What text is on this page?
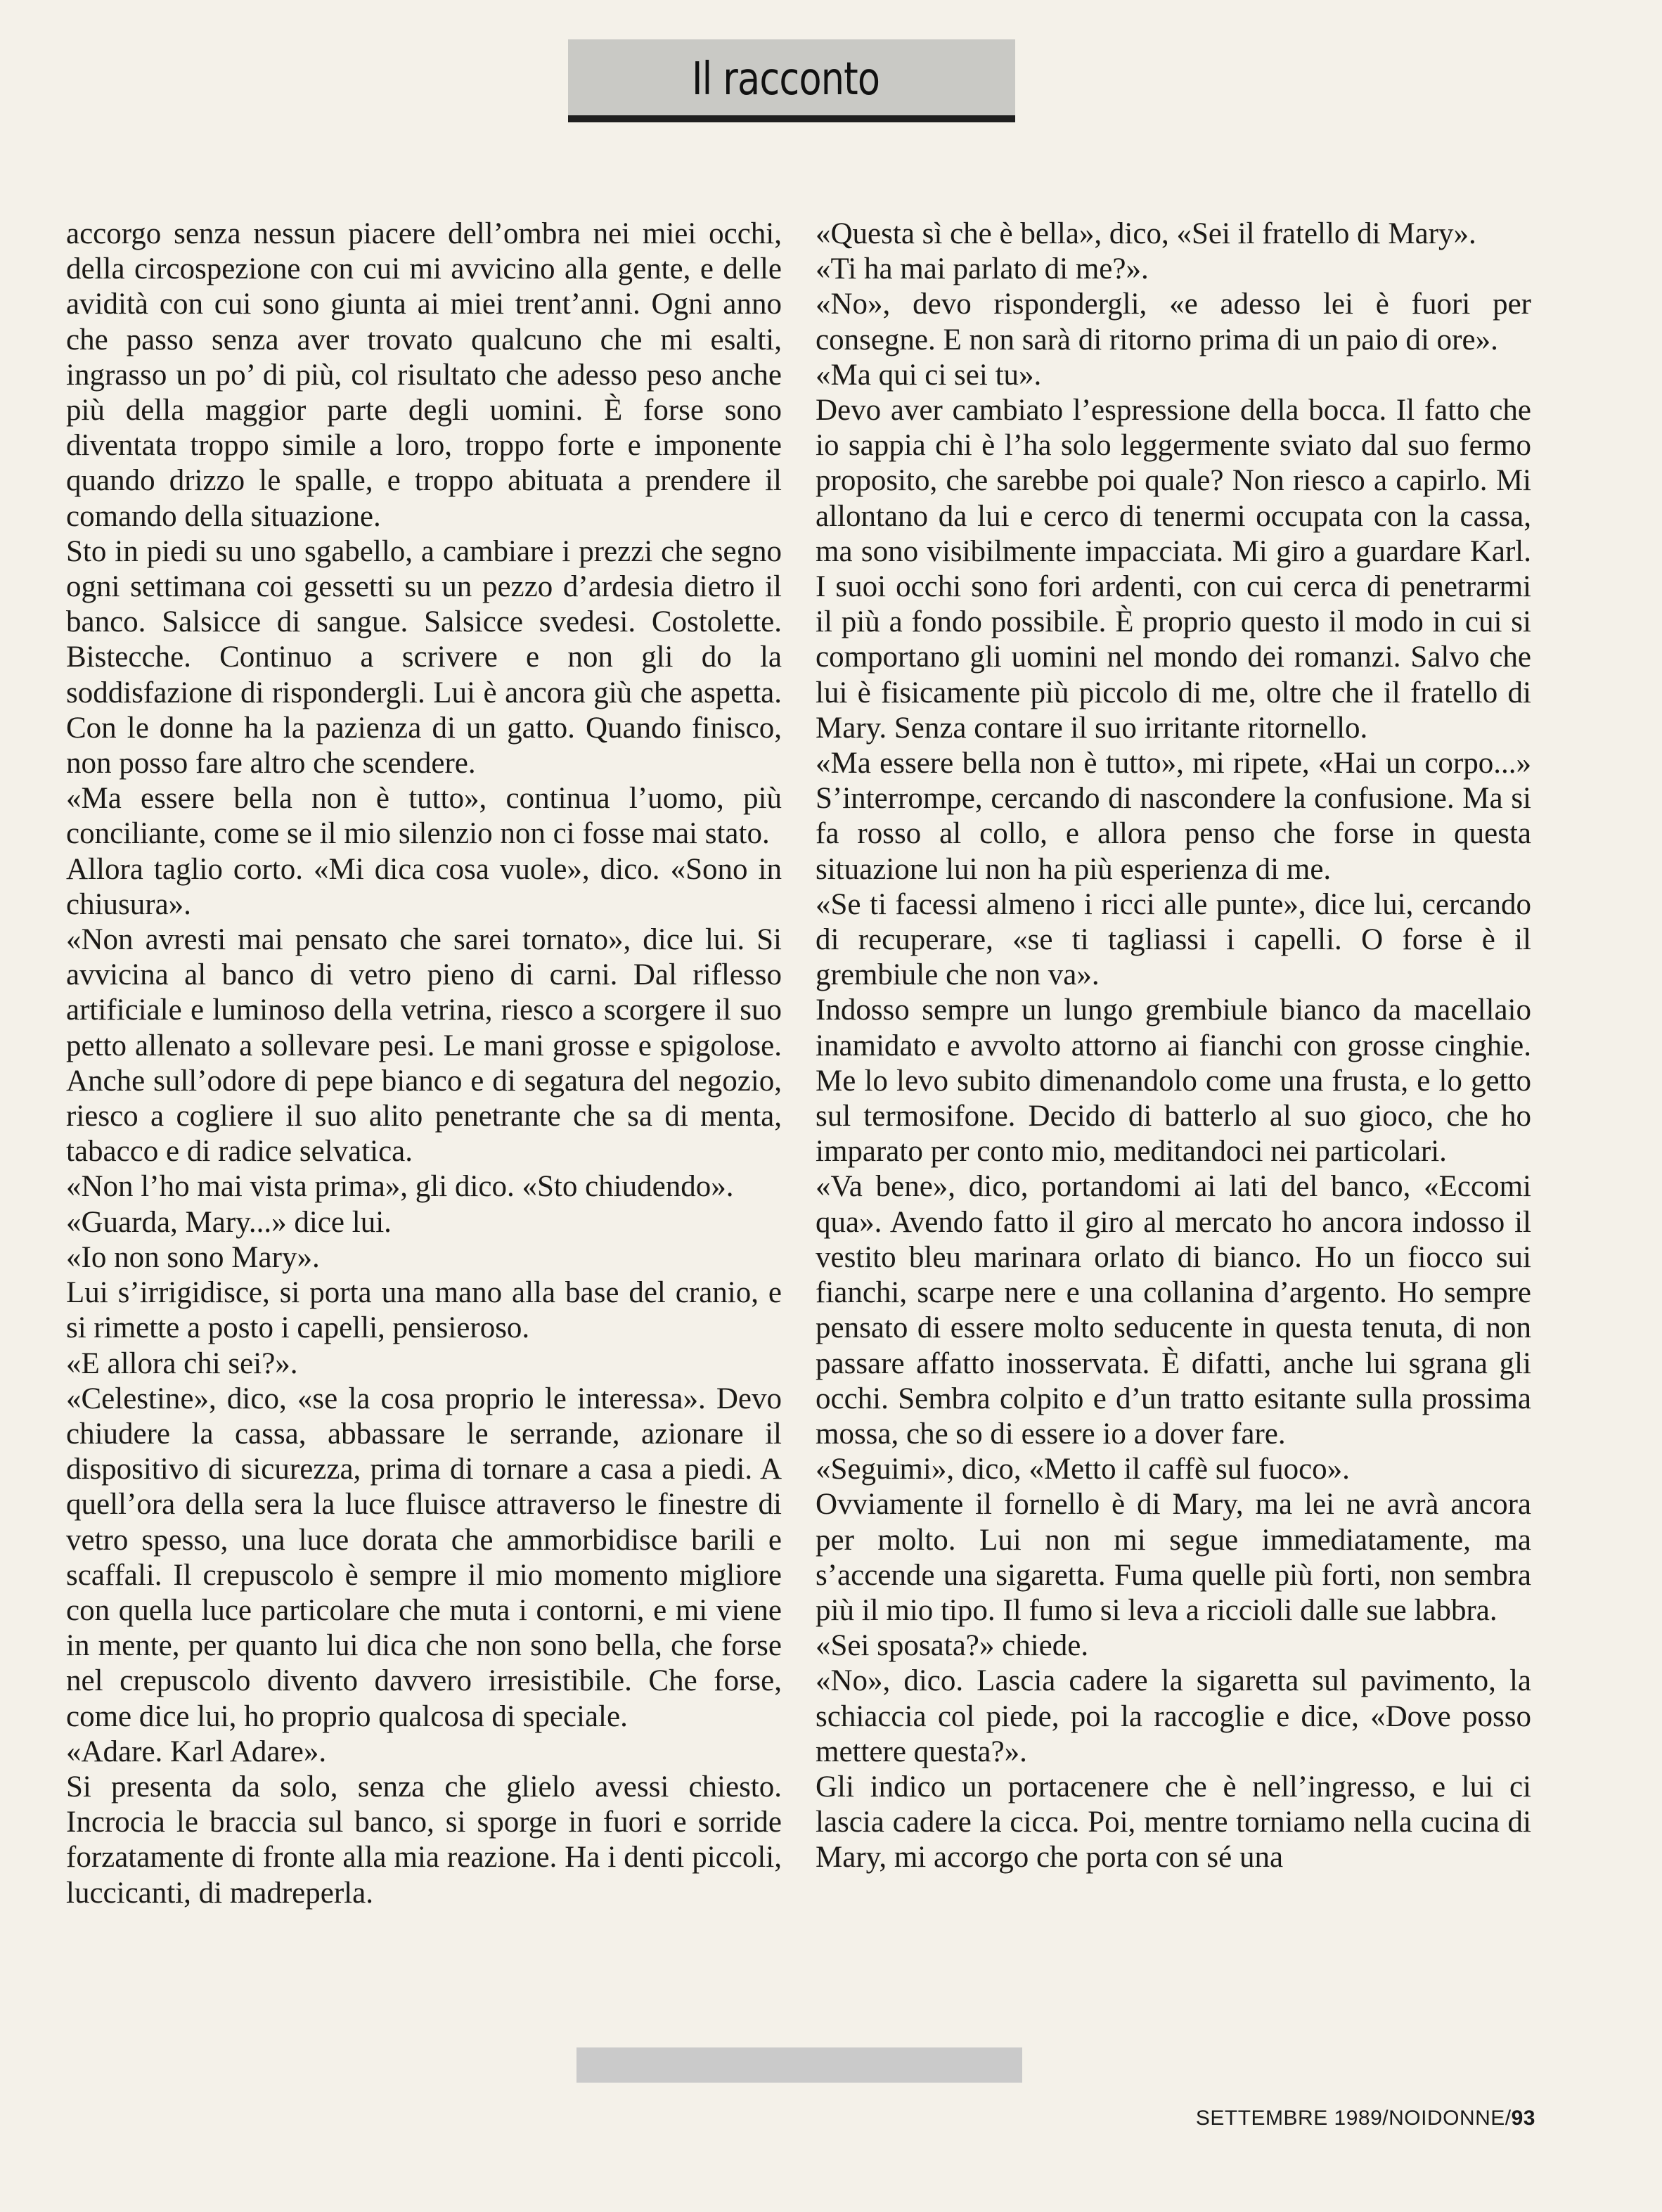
Il racconto

accorgo senza nessun piacere dell’ombra nei miei occhi, della circospezione con cui mi avvicino alla gente, e delle avidità con cui sono giunta ai miei trent’anni. Ogni anno che passo senza aver trovato qualcuno che mi esalti, ingrasso un po’ di più, col risultato che adesso peso anche più della maggior parte degli uomini. È forse sono diventata troppo simile a loro, troppo forte e imponente quando drizzo le spalle, e troppo abituata a prendere il comando della situazione.

Sto in piedi su uno sgabello, a cambiare i prezzi che segno ogni settimana coi gessetti su un pezzo d’ardesia dietro il banco. Salsicce di sangue. Salsicce svedesi. Costolette. Bistecche. Continuo a scrivere e non gli do la soddisfazione di rispondergli. Lui è ancora giù che aspetta. Con le donne ha la pazienza di un gatto. Quando finisco, non posso fare altro che scendere.

«Ma essere bella non è tutto», continua l’uomo, più conciliante, come se il mio silenzio non ci fosse mai stato.

Allora taglio corto. «Mi dica cosa vuole», dico. «Sono in chiusura».

«Non avresti mai pensato che sarei tornato», dice lui. Si avvicina al banco di vetro pieno di carni. Dal riflesso artificiale e luminoso della vetrina, riesco a scorgere il suo petto allenato a sollevare pesi. Le mani grosse e spigolose. Anche sull’odore di pepe bianco e di segatura del negozio, riesco a cogliere il suo alito penetrante che sa di menta, tabacco e di radice selvatica.

«Non l’ho mai vista prima», gli dico. «Sto chiudendo».

«Guarda, Mary...» dice lui.

«Io non sono Mary».

Lui s’irrigidisce, si porta una mano alla base del cranio, e si rimette a posto i capelli, pensieroso.

«E allora chi sei?».

«Celestine», dico, «se la cosa proprio le interessa». Devo chiudere la cassa, abbassare le serrande, azionare il dispositivo di sicurezza, prima di tornare a casa a piedi. A quell’ora della sera la luce fluisce attraverso le finestre di vetro spesso, una luce dorata che ammorbidisce barili e scaffali. Il crepuscolo è sempre il mio momento migliore con quella luce particolare che muta i contorni, e mi viene in mente, per quanto lui dica che non sono bella, che forse nel crepuscolo divento davvero irresistibile. Che forse, come dice lui, ho proprio qualcosa di speciale.

«Adare. Karl Adare».

Si presenta da solo, senza che glielo avessi chiesto. Incrocia le braccia sul banco, si sporge in fuori e sorride forzatamente di fronte alla mia reazione. Ha i denti piccoli, luccicanti, di madreperla.

«Questa sì che è bella», dico, «Sei il fratello di Mary».

«Ti ha mai parlato di me?».

«No», devo rispondergli, «e adesso lei è fuori per consegne. E non sarà di ritorno prima di un paio di ore».

«Ma qui ci sei tu».

Devo aver cambiato l’espressione della bocca. Il fatto che io sappia chi è l’ha solo leggermente sviato dal suo fermo proposito, che sarebbe poi quale? Non riesco a capirlo. Mi allontano da lui e cerco di tenermi occupata con la cassa, ma sono visibilmente impacciata. Mi giro a guardare Karl. I suoi occhi sono fori ardenti, con cui cerca di penetrarmi il più a fondo possibile. È proprio questo il modo in cui si comportano gli uomini nel mondo dei romanzi. Salvo che lui è fisicamente più piccolo di me, oltre che il fratello di Mary. Senza contare il suo irritante ritornello.

«Ma essere bella non è tutto», mi ripete, «Hai un corpo...» S’interrompe, cercando di nascondere la confusione. Ma si fa rosso al collo, e allora penso che forse in questa situazione lui non ha più esperienza di me.

«Se ti facessi almeno i ricci alle punte», dice lui, cercando di recuperare, «se ti tagliassi i capelli. O forse è il grembiule che non va».

Indosso sempre un lungo grembiule bianco da macellaio inamidato e avvolto attorno ai fianchi con grosse cinghie. Me lo levo subito dimenandolo come una frusta, e lo getto sul termosifone. Decido di batterlo al suo gioco, che ho imparato per conto mio, meditandoci nei particolari.

«Va bene», dico, portandomi ai lati del banco, «Eccomi qua». Avendo fatto il giro al mercato ho ancora indosso il vestito bleu marinara orlato di bianco. Ho un fiocco sui fianchi, scarpe nere e una collanina d’argento. Ho sempre pensato di essere molto seducente in questa tenuta, di non passare affatto inosservata. È difatti, anche lui sgrana gli occhi. Sembra colpito e d’un tratto esitante sulla prossima mossa, che so di essere io a dover fare.

«Seguimi», dico, «Metto il caffè sul fuoco».

Ovviamente il fornello è di Mary, ma lei ne avrà ancora per molto. Lui non mi segue immediatamente, ma s’accende una sigaretta. Fuma quelle più forti, non sembra più il mio tipo. Il fumo si leva a riccioli dalle sue labbra.

«Sei sposata?» chiede.

«No», dico. Lascia cadere la sigaretta sul pavimento, la schiaccia col piede, poi la raccoglie e dice, «Dove posso mettere questa?».

Gli indico un portacenere che è nell’ingresso, e lui ci lascia cadere la cicca. Poi, mentre torniamo nella cucina di Mary, mi accorgo che porta con sé una

SETTEMBRE 1989/NOIDONNE/93
